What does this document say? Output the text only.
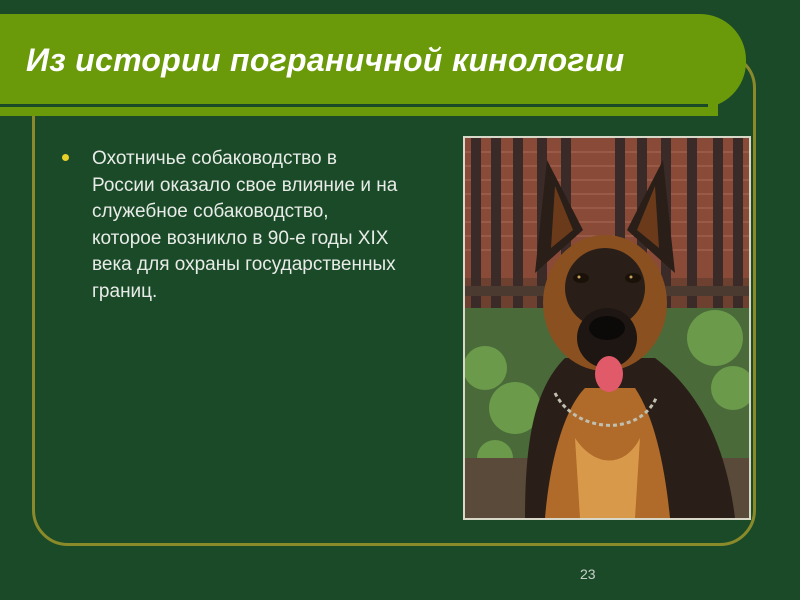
Из истории пограничной кинологии
Охотничье собаководство в России оказало свое влияние и на служебное собаководство, которое возникло в 90-е годы XIX века для охраны государственных границ.
23
